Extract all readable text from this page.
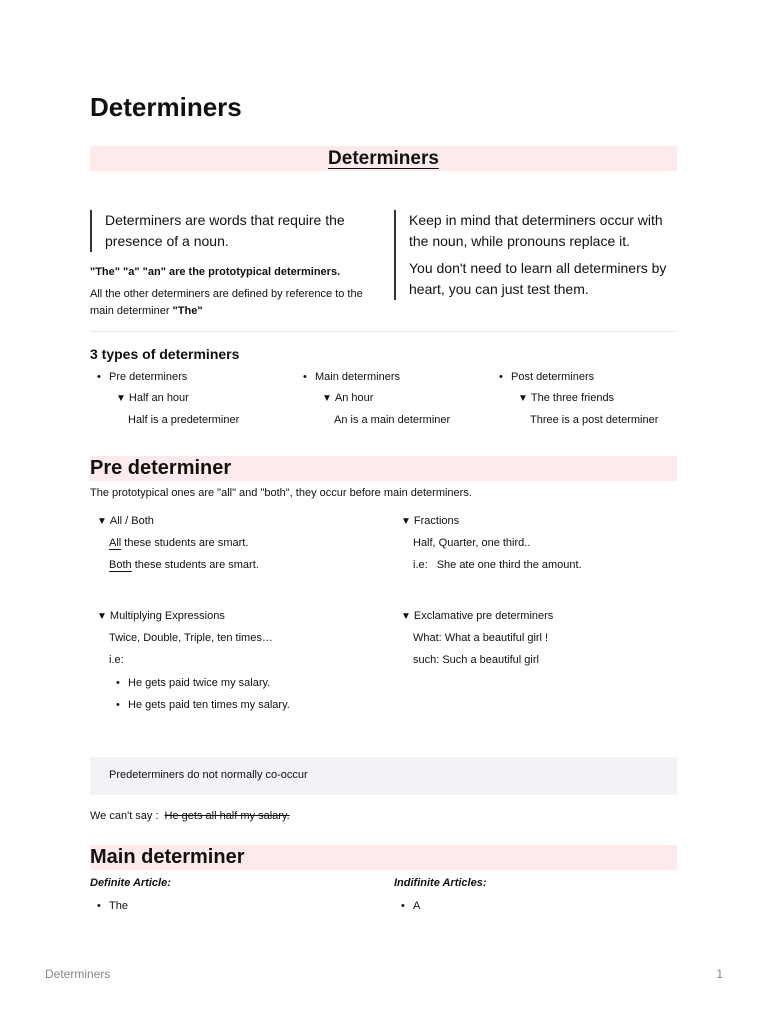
Determiners
Determiners
Determiners are words that require the presence of a noun.
"The" "a" "an" are the prototypical determiners.
All the other determiners are defined by reference to the main determiner "The"
Keep in mind that determiners occur with the noun, while pronouns replace it.
You don't need to learn all determiners by heart, you can just test them.
3 types of determiners
• Pre determiners
▼ Half an hour
Half is a predeterminer
• Main determiners
▼ An hour
An is a main determiner
• Post determiners
▼ The three friends
Three is a post determiner
Pre determiner
The prototypical ones are "all" and "both", they occur before main determiners.
▼ All / Both
All these students are smart.
Both these students are smart.
▼ Fractions
Half, Quarter, one third..
i.e: She ate one third the amount.
▼ Multiplying Expressions
Twice, Double, Triple, ten times…
i.e:
• He gets paid twice my salary.
• He gets paid ten times my salary.
▼ Exclamative pre determiners
What: What a beautiful girl !
such: Such a beautiful girl
Predeterminers do not normally co-occur
We can't say : He gets all half my salary.
Main determiner
Definite Article:
• The
Indifinite Articles:
• A
Determiners	1
